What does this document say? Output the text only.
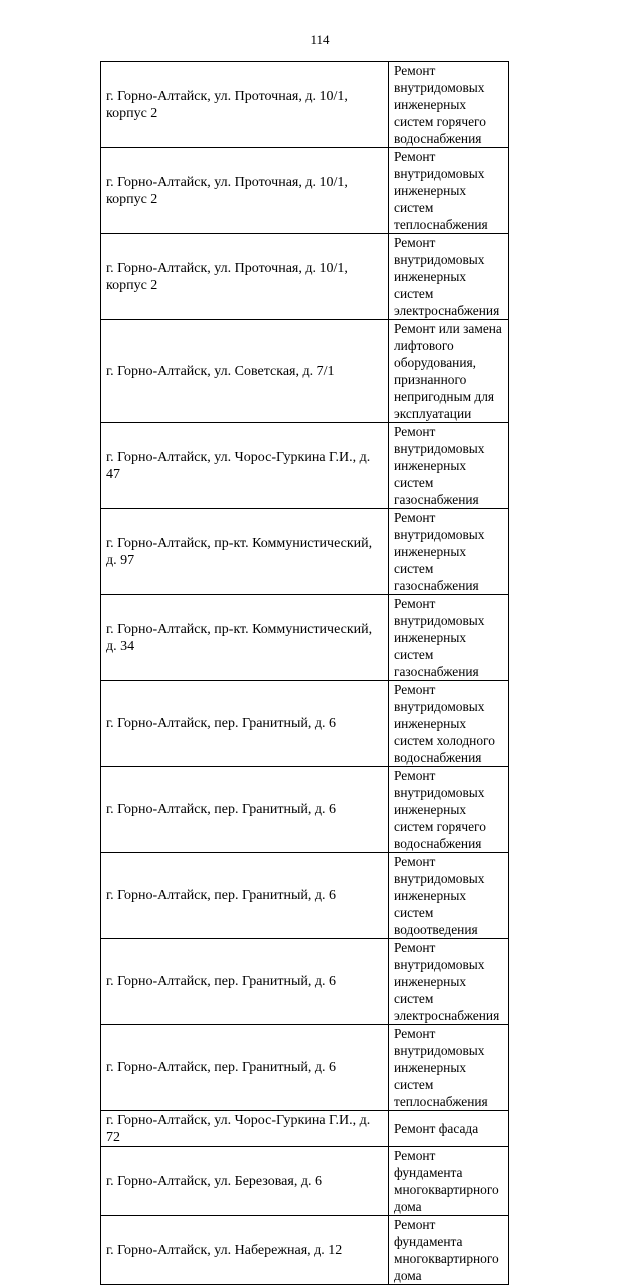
114
г. Горно-Алтайск, ул. Проточная, д. 10/1, корпус 2	Ремонт внутридомовых инженерных систем горячего водоснабжения
г. Горно-Алтайск, ул. Проточная, д. 10/1, корпус 2	Ремонт внутридомовых инженерных систем теплоснабжения
г. Горно-Алтайск, ул. Проточная, д. 10/1, корпус 2	Ремонт внутридомовых инженерных систем электроснабжения
г. Горно-Алтайск, ул. Советская, д. 7/1	Ремонт или замена лифтового оборудования, признанного непригодным для эксплуатации
г. Горно-Алтайск, ул. Чорос-Гуркина Г.И., д. 47	Ремонт внутридомовых инженерных систем газоснабжения
г. Горно-Алтайск, пр-кт. Коммунистический, д. 97	Ремонт внутридомовых инженерных систем газоснабжения
г. Горно-Алтайск, пр-кт. Коммунистический, д. 34	Ремонт внутридомовых инженерных систем газоснабжения
г. Горно-Алтайск, пер. Гранитный, д. 6	Ремонт внутридомовых инженерных систем холодного водоснабжения
г. Горно-Алтайск, пер. Гранитный, д. 6	Ремонт внутридомовых инженерных систем горячего водоснабжения
г. Горно-Алтайск, пер. Гранитный, д. 6	Ремонт внутридомовых инженерных систем водоотведения
г. Горно-Алтайск, пер. Гранитный, д. 6	Ремонт внутридомовых инженерных систем электроснабжения
г. Горно-Алтайск, пер. Гранитный, д. 6	Ремонт внутридомовых инженерных систем теплоснабжения
г. Горно-Алтайск, ул. Чорос-Гуркина Г.И., д. 72	Ремонт фасада
г. Горно-Алтайск, ул. Березовая, д. 6	Ремонт фундамента многоквартирного дома
г. Горно-Алтайск, ул. Набережная, д. 12	Ремонт фундамента многоквартирного дома
